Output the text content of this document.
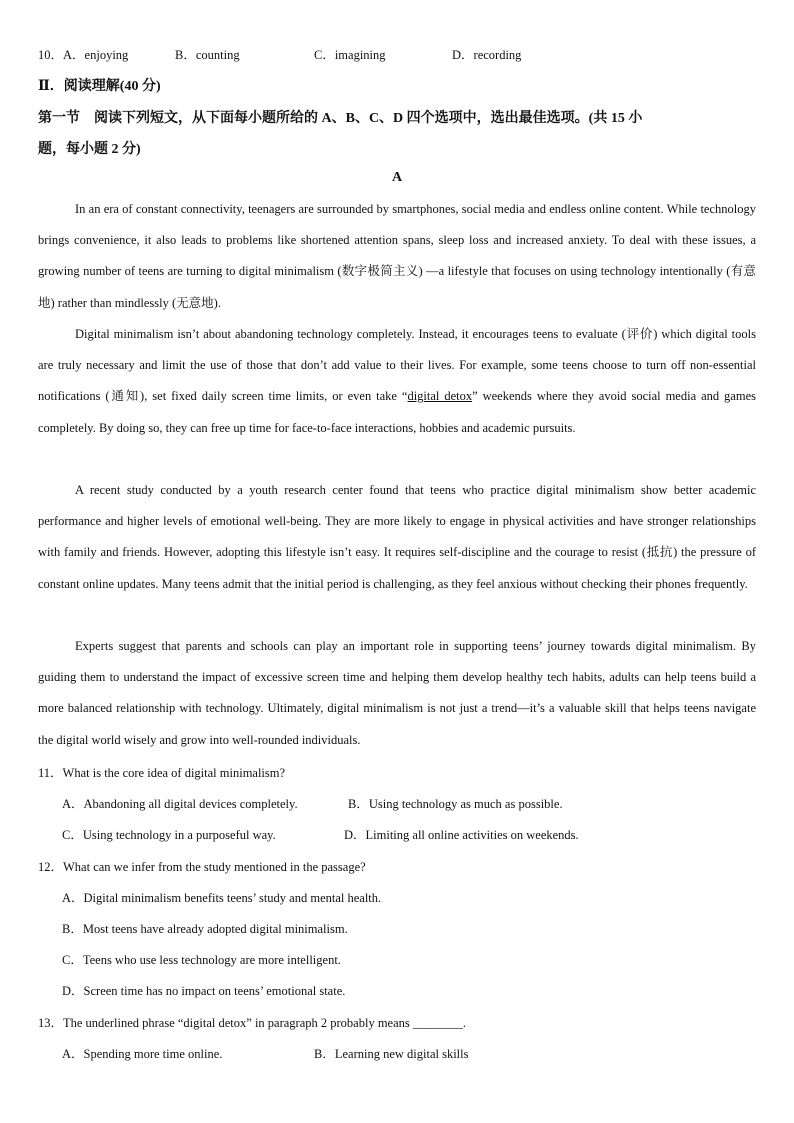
10．A．enjoying	B．counting	C．imagining	D．recording
Ⅱ．阅读理解(40 分)
第一节　阅读下列短文，从下面每小题所给的 A、B、C、D 四个选项中，选出最佳选项。(共 15 小
题，每小题 2 分)
A
In an era of constant connectivity, teenagers are surrounded by smartphones, social media and endless online content. While technology brings convenience, it also leads to problems like shortened attention spans, sleep loss and increased anxiety. To deal with these issues, a growing number of teens are turning to digital minimalism (数字极简主义) —a lifestyle that focuses on using technology intentionally (有意地) rather than mindlessly (无意地).
Digital minimalism isn’t about abandoning technology completely. Instead, it encourages teens to evaluate (评价) which digital tools are truly necessary and limit the use of those that don’t add value to their lives. For example, some teens choose to turn off non-essential notifications (通知), set fixed daily screen time limits, or even take “digital detox” weekends where they avoid social media and games completely. By doing so, they can free up time for face-to-face interactions, hobbies and academic pursuits.
A recent study conducted by a youth research center found that teens who practice digital minimalism show better academic performance and higher levels of emotional well-being. They are more likely to engage in physical activities and have stronger relationships with family and friends. However, adopting this lifestyle isn’t easy. It requires self-discipline and the courage to resist (抵抗) the pressure of constant online updates. Many teens admit that the initial period is challenging, as they feel anxious without checking their phones frequently.
Experts suggest that parents and schools can play an important role in supporting teens’ journey towards digital minimalism. By guiding them to understand the impact of excessive screen time and helping them develop healthy tech habits, adults can help teens build a more balanced relationship with technology. Ultimately, digital minimalism is not just a trend—it’s a valuable skill that helps teens navigate the digital world wisely and grow into well-rounded individuals.
11．What is the core idea of digital minimalism?
A．Abandoning all digital devices completely.	B．Using technology as much as possible.
C．Using technology in a purposeful way.	D．Limiting all online activities on weekends.
12．What can we infer from the study mentioned in the passage?
A．Digital minimalism benefits teens’ study and mental health.
B．Most teens have already adopted digital minimalism.
C．Teens who use less technology are more intelligent.
D．Screen time has no impact on teens’ emotional state.
13．The underlined phrase “digital detox” in paragraph 2 probably means ________.
A．Spending more time online.	B．Learning new digital skills
